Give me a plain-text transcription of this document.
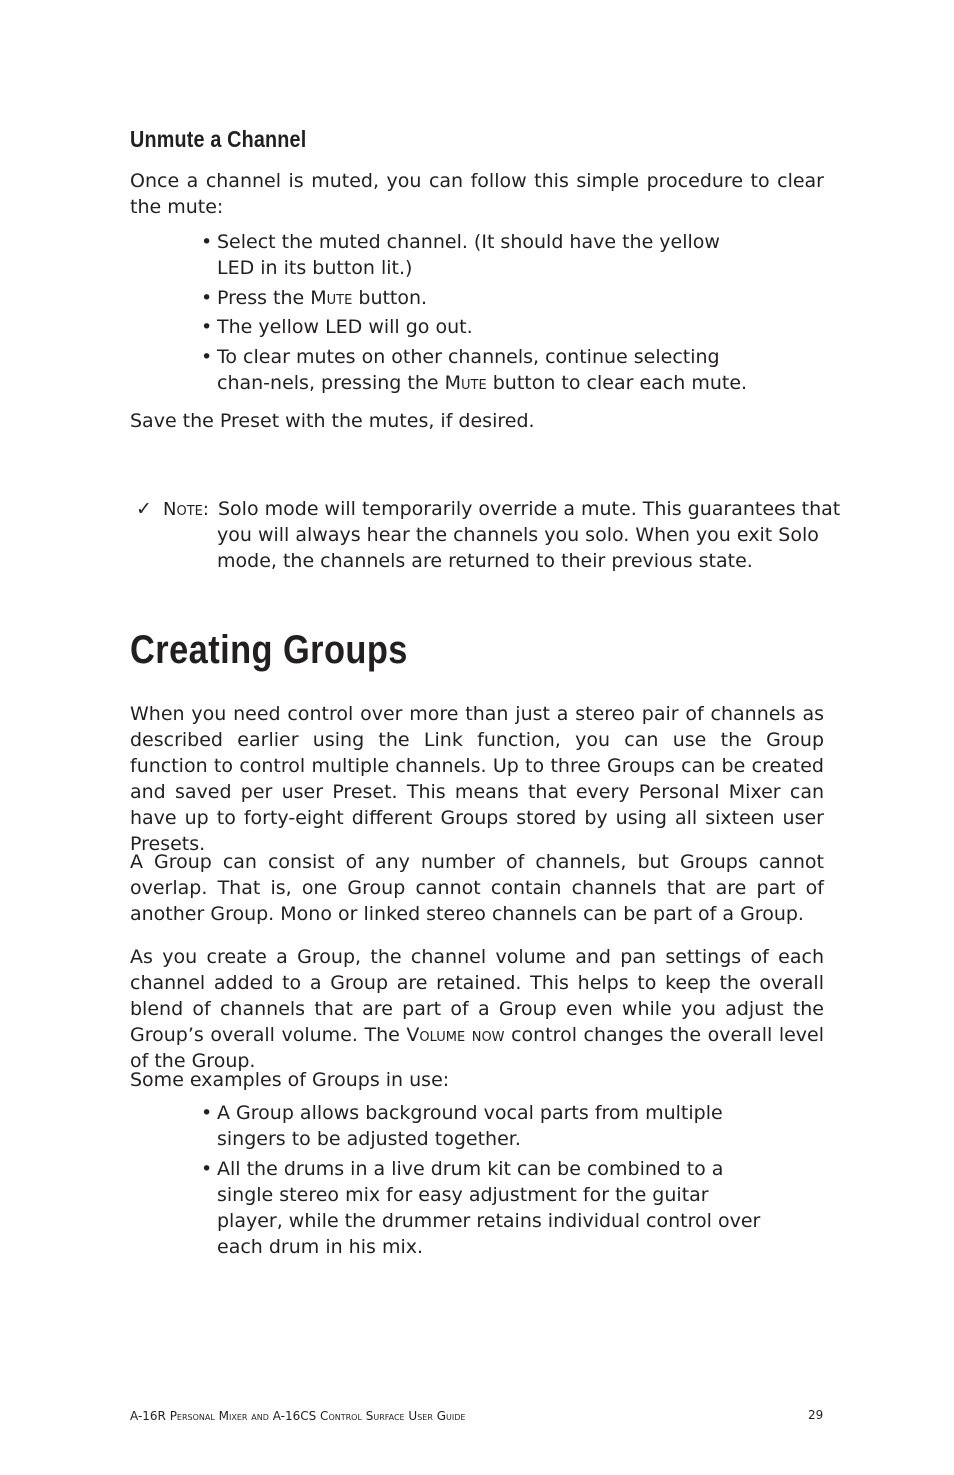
Unmute a Channel
Once a channel is muted, you can follow this simple procedure to clear the mute:
• Select the muted channel. (It should have the yellow LED in its button lit.)
• Press the Mute button.
• The yellow LED will go out.
• To clear mutes on other channels, continue selecting chan-nels, pressing the Mute button to clear each mute.
Save the Preset with the mutes, if desired.
✓ Note: Solo mode will temporarily override a mute. This guarantees that
you will always hear the channels you solo. When you exit Solo
mode, the channels are returned to their previous state.
Creating Groups
When you need control over more than just a stereo pair of channels as described earlier using the Link function, you can use the Group function to control multiple channels. Up to three Groups can be created and saved per user Preset. This means that every Personal Mixer can have up to forty-eight different Groups stored by using all sixteen user Presets.
A Group can consist of any number of channels, but Groups cannot overlap. That is, one Group cannot contain channels that are part of another Group. Mono or linked stereo channels can be part of a Group.
As you create a Group, the channel volume and pan settings of each channel added to a Group are retained. This helps to keep the overall blend of channels that are part of a Group even while you adjust the Group’s overall volume. The Volume now control changes the overall level of the Group.
Some examples of Groups in use:
• A Group allows background vocal parts from multiple singers to be adjusted together.
• All the drums in a live drum kit can be combined to a single stereo mix for easy adjustment for the guitar player, while the drummer retains individual control over each drum in his mix.
A-16R Personal Mixer and A-16CS Control Surface User Guide	29
